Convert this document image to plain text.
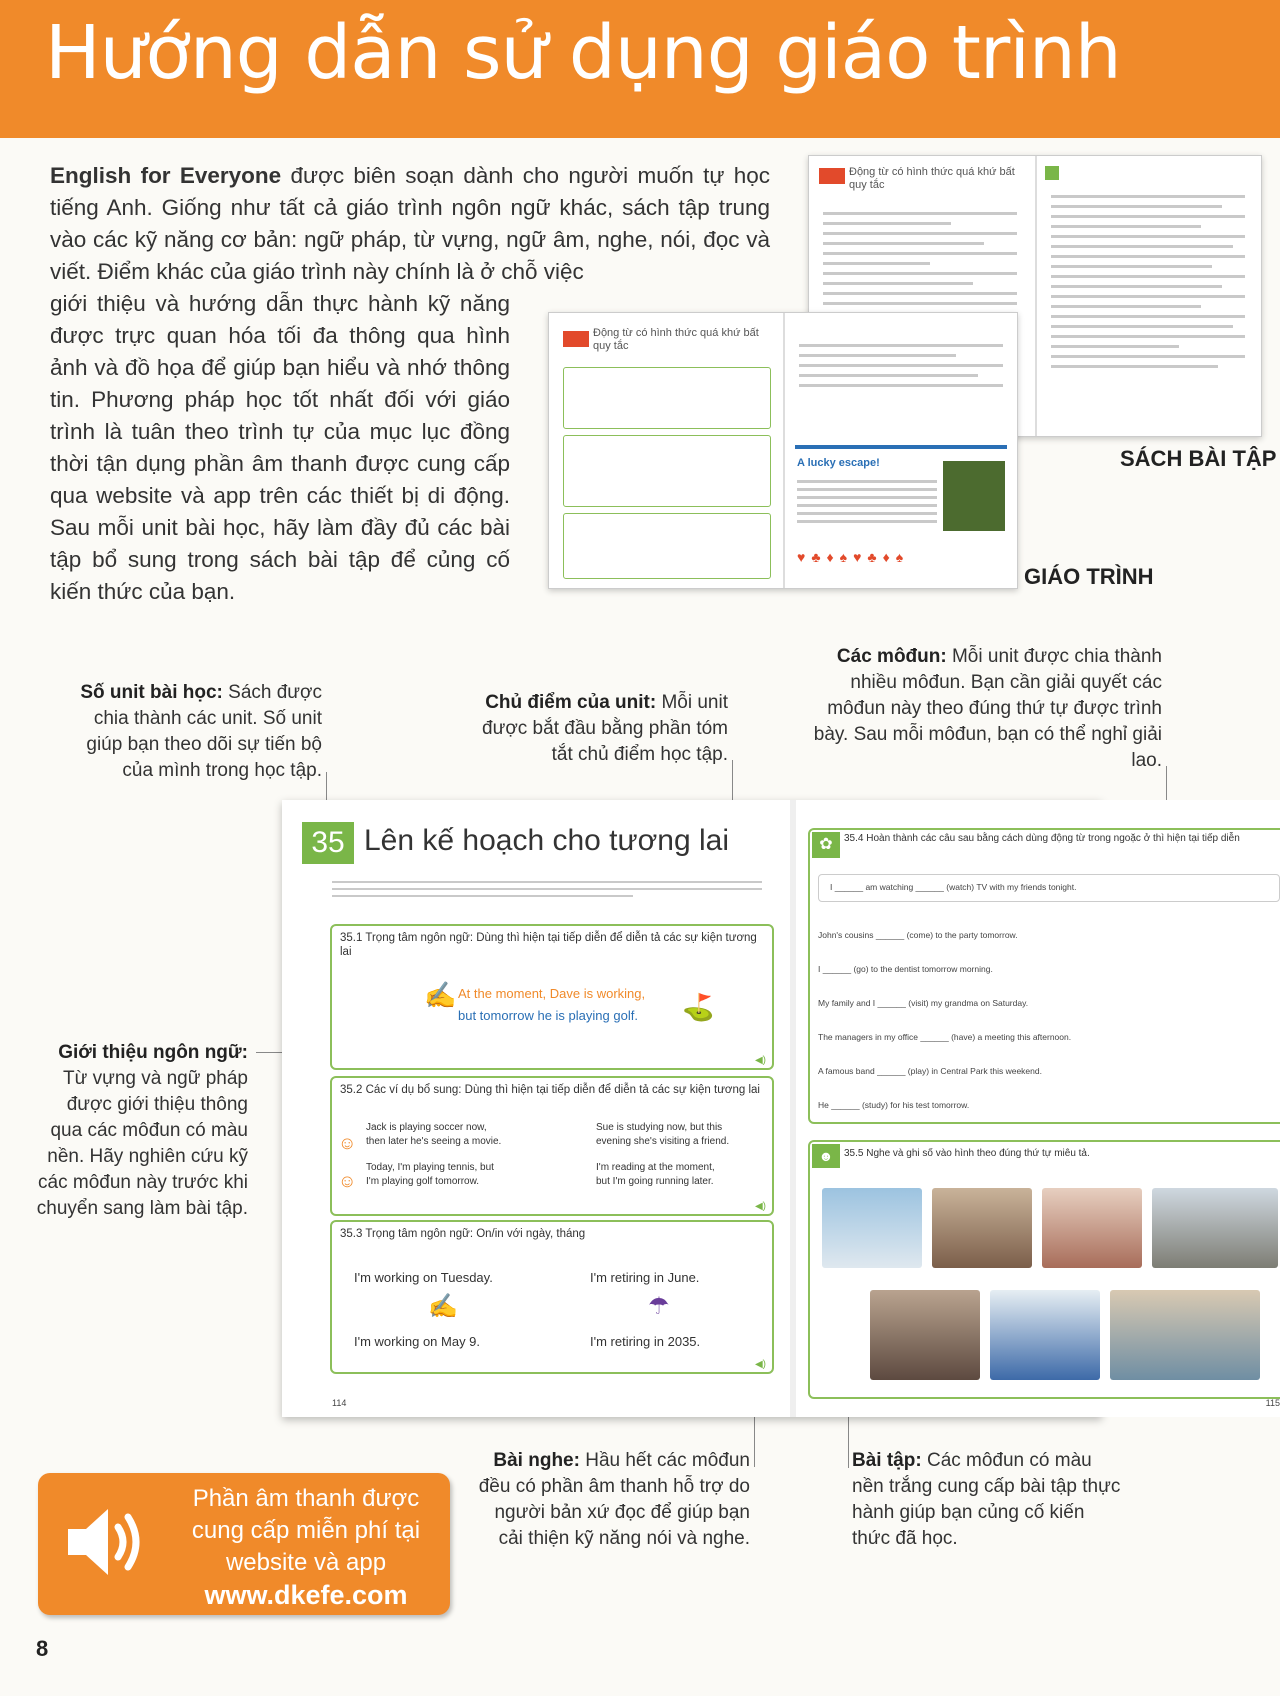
Hướng dẫn sử dụng giáo trình
English for Everyone được biên soạn dành cho người muốn tự học tiếng Anh. Giống như tất cả giáo trình ngôn ngữ khác, sách tập trung vào các kỹ năng cơ bản: ngữ pháp, từ vựng, ngữ âm, nghe, nói, đọc và viết. Điểm khác của giáo trình này chính là ở chỗ việc
giới thiệu và hướng dẫn thực hành kỹ năng được trực quan hóa tối đa thông qua hình ảnh và đồ họa để giúp bạn hiểu và nhớ thông tin. Phương pháp học tốt nhất đối với giáo trình là tuân theo trình tự của mục lục đồng thời tận dụng phần âm thanh được cung cấp qua website và app trên các thiết bị di động. Sau mỗi unit bài học, hãy làm đầy đủ các bài tập bổ sung trong sách bài tập để củng cố kiến thức của bạn.
Động từ có hình thức quá khứ bất quy tắc
SÁCH BÀI TẬP
Động từ có hình thức quá khứ bất quy tắc
A lucky escape!
♥♣♦♠♥♣♦♠
GIÁO TRÌNH
Số unit bài học: Sách được chia thành các unit. Số unit giúp bạn theo dõi sự tiến bộ của mình trong học tập.
Chủ điểm của unit: Mỗi unit được bắt đầu bằng phần tóm tắt chủ điểm học tập.
Các môđun: Mỗi unit được chia thành nhiều môđun. Bạn cần giải quyết các môđun này theo đúng thứ tự được trình bày. Sau mỗi môđun, bạn có thể nghỉ giải lao.
Giới thiệu ngôn ngữ: Từ vựng và ngữ pháp được giới thiệu thông qua các môđun có màu nền. Hãy nghiên cứu kỹ các môđun này trước khi chuyển sang làm bài tập.
Bài nghe: Hầu hết các môđun đều có phần âm thanh hỗ trợ do người bản xứ đọc để giúp bạn cải thiện kỹ năng nói và nghe.
Bài tập: Các môđun có màu nền trắng cung cấp bài tập thực hành giúp bạn củng cố kiến thức đã học.
35 Lên kế hoạch cho tương lai
35.1 Trọng tâm ngôn ngữ: Dùng thì hiện tại tiếp diễn để diễn tả các sự kiện tương lai
✍ At the moment, Dave is working,
but tomorrow he is playing golf. ⛳
◀)
35.2 Các ví dụ bổ sung: Dùng thì hiện tại tiếp diễn để diễn tả các sự kiện tương lai
Jack is playing soccer now,
then later he's seeing a movie.
Sue is studying now, but this
evening she's visiting a friend.
Today, I'm playing tennis, but
I'm playing golf tomorrow.
I'm reading at the moment,
but I'm going running later.
☺
☺
◀)
35.3 Trọng tâm ngôn ngữ: On/in với ngày, tháng
I'm working on Tuesday.	I'm retiring in June.
✍	☂
I'm working on May 9.	I'm retiring in 2035.
◀)
114
✿	35.4 Hoàn thành các câu sau bằng cách dùng động từ trong ngoặc ở thì hiện tại tiếp diễn
I ______ am watching ______ (watch) TV with my friends tonight.
John's cousins ______ (come) to the party tomorrow.
I ______ (go) to the dentist tomorrow morning.
My family and I ______ (visit) my grandma on Saturday.
The managers in my office ______ (have) a meeting this afternoon.
A famous band ______ (play) in Central Park this weekend.
He ______ (study) for his test tomorrow.
☻	35.5 Nghe và ghi số vào hình theo đúng thứ tự miêu tả.
115
Phần âm thanh được
cung cấp miễn phí tại
website và app
www.dkefe.com
8
